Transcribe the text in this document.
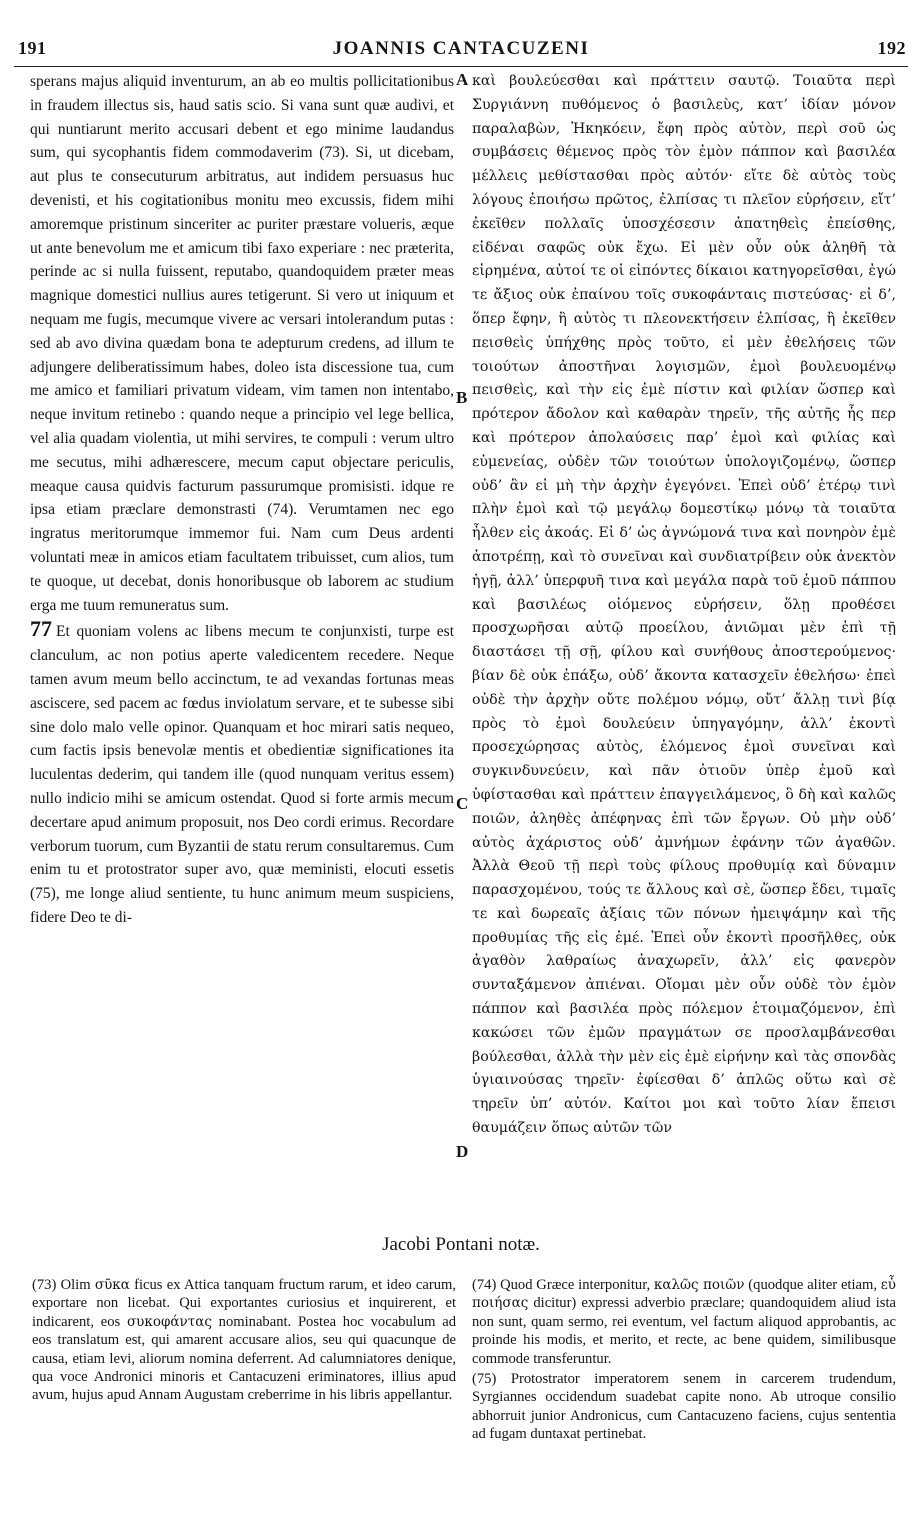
191	JOANNIS CANTACUZENI	192

sperans majus aliquid inventurum, an ab eo multis pollicitationibus in fraudem illectus sis, haud satis scio. Si vana sunt quæ audivi, et qui nuntiarunt merito accusari debent et ego minime laudandus sum, qui sycophantis fidem commodaverim (73). Si, ut dicebam, aut plus te consecuturum arbitratus, aut indidem persuasus huc devenisti, et his cogitationibus monitu meo excussis, fidem mihi amoremque pristinum sinceriter ac puriter præstare volueris, æque ut ante benevolum me et amicum tibi faxo experiare : nec præterita, perinde ac si nulla fuissent, reputabo, quandoquidem præter meas magnique domestici nullius aures tetigerunt. Si vero ut iniquum et nequam me fugis, mecumque vivere ac versari intolerandum putas : sed ab avo divina quædam bona te adepturum credens, ad illum te adjungere deliberatissimum habes, doleo ista discessione tua, cum me amico et familiari privatum videam, vim tamen non intentabo, neque invitum retinebo : quando neque a principio vel lege bellica, vel alia quadam violentia, ut mihi servires, te compuli : verum ultro me secutus, mihi adhærescere, mecum caput objectare periculis, meaque causa quidvis facturum passurumque promisisti. idque re ipsa etiam præclare demonstrasti (74). Verumtamen nec ego ingratus meritorumque immemor fui. Nam cum Deus ardenti voluntati meæ in amicos etiam facultatem tribuisset, cum alios, tum te quoque, ut decebat, donis honoribusque ob laborem ac studium erga me tuum remuneratus sum.

77 Et quoniam volens ac libens mecum te conjunxisti, turpe est clanculum, ac non potius aperte valedicentem recedere. Neque tamen avum meum bello accinctum, te ad vexandas fortunas meas asciscere, sed pacem ac fœdus inviolatum servare, et te subesse sibi sine dolo malo velle opinor. Quanquam et hoc mirari satis nequeo, cum factis ipsis benevolæ mentis et obedientiæ significationes ita luculentas dederim, qui tandem ille (quod nunquam veritus essem) nullo indicio mihi se amicum ostendat. Quod si forte armis mecum decertare apud animum proposuit, nos Deo cordi erimus. Recordare verborum tuorum, cum Byzantii de statu rerum consultaremus. Cum enim tu et protostrator super avo, quæ meministi, elocuti essetis (75), me longe aliud sentiente, tu hunc animum meum suspiciens, fidere Deo te di-

καὶ βουλεύεσθαι καὶ πράττειν σαυτῷ. Τοιαῦτα περὶ Συργιάννη πυθόμενος ὁ βασιλεὺς, κατ’ ἰδίαν μόνον παραλαβὼν, Ἠκηκόειν, ἔφη πρὸς αὐτὸν, περὶ σοῦ ὡς συμβάσεις θέμενος πρὸς τὸν ἐμὸν πάππον καὶ βασιλέα μέλλεις μεθίστασθαι πρὸς αὐτόν· εἴτε δὲ αὐτὸς τοὺς λόγους ἐποιήσω πρῶτος, ἐλπίσας τι πλεῖον εὑρήσειν, εἴτ’ ἐκεῖθεν πολλαῖς ὑποσχέσεσιν ἀπατηθεὶς ἐπείσθης, εἰδέναι σαφῶς οὐκ ἔχω. Εἰ μὲν οὖν οὐκ ἀληθῆ τὰ εἰρημένα, αὐτοί τε οἱ εἰπόντες δίκαιοι κατηγορεῖσθαι, ἐγώ τε ἄξιος οὐκ ἐπαίνου τοῖς συκοφάνταις πιστεύσας· εἰ δ’, ὅπερ ἔφην, ἢ αὐτὸς τι πλεονεκτήσειν ἐλπίσας, ἢ ἐκεῖθεν πεισθεὶς ὑπήχθης πρὸς τοῦτο, εἰ μὲν ἐθελήσεις τῶν τοιούτων ἀποστῆναι λογισμῶν, ἐμοὶ βουλευομένῳ πεισθεὶς, καὶ τὴν εἰς ἐμὲ πίστιν καὶ φιλίαν ὥσπερ καὶ πρότερον ἄδολον καὶ καθαρὰν τηρεῖν, τῆς αὐτῆς ἧς περ καὶ πρότερον ἀπολαύσεις παρ’ ἐμοὶ καὶ φιλίας καὶ εὐμενείας, οὐδὲν τῶν τοιούτων ὑπολογιζομένῳ, ὥσπερ οὐδ’ ἂν εἰ μὴ τὴν ἀρχὴν ἐγεγόνει. Ἐπεὶ οὐδ’ ἑτέρῳ τινὶ πλὴν ἐμοὶ καὶ τῷ μεγάλῳ δομεστίκῳ μόνῳ τὰ τοιαῦτα ἦλθεν εἰς ἀκοάς. Εἰ δ’ ὡς ἀγνώμονά τινα καὶ πονηρὸν ἐμὲ ἀποτρέπῃ, καὶ τὸ συνεῖναι καὶ συνδιατρίβειν οὐκ ἀνεκτὸν ἡγῇ, ἀλλ’ ὑπερφυῆ τινα καὶ μεγάλα παρὰ τοῦ ἐμοῦ πάππου καὶ βασιλέως οἰόμενος εὑρήσειν, ὅλῃ προθέσει προσχωρῆσαι αὐτῷ προείλου, ἀνιῶμαι μὲν ἐπὶ τῇ διαστάσει τῇ σῇ, φίλου καὶ συνήθους ἀποστερούμενος· βίαν δὲ οὐκ ἐπάξω, οὐδ’ ἄκοντα κατασχεῖν ἐθελήσω· ἐπεὶ οὐδὲ τὴν ἀρχὴν οὔτε πολέμου νόμῳ, οὔτ’ ἄλλῃ τινὶ βίᾳ πρὸς τὸ ἐμοὶ δουλεύειν ὑπηγαγόμην, ἀλλ’ ἑκοντὶ προσεχώρησας αὐτὸς, ἑλόμενος ἐμοὶ συνεῖναι καὶ συγκινδυνεύειν, καὶ πᾶν ὁτιοῦν ὑπὲρ ἐμοῦ καὶ ὑφίστασθαι καὶ πράττειν ἐπαγγειλάμενος, ὃ δὴ καὶ καλῶς ποιῶν, ἀληθὲς ἀπέφηνας ἐπὶ τῶν ἔργων. Οὐ μὴν οὐδ’ αὐτὸς ἀχάριστος οὐδ’ ἀμνήμων ἐφάνην τῶν ἀγαθῶν. Ἀλλὰ Θεοῦ τῇ περὶ τοὺς φίλους προθυμίᾳ καὶ δύναμιν παρασχομένου, τούς τε ἄλλους καὶ σὲ, ὥσπερ ἔδει, τιμαῖς τε καὶ δωρεαῖς ἀξίαις τῶν πόνων ἠμειψάμην καὶ τῆς προθυμίας τῆς εἰς ἐμέ. Ἐπεὶ οὖν ἑκοντὶ προσῆλθες, οὐκ ἀγαθὸν λαθραίως ἀναχωρεῖν, ἀλλ’ εἰς φανερὸν συνταξάμενον ἀπιέναι. Οἴομαι μὲν οὖν οὐδὲ τὸν ἐμὸν πάππον καὶ βασιλέα πρὸς πόλεμον ἑτοιμαζόμενον, ἐπὶ κακώσει τῶν ἐμῶν πραγμάτων σε προσλαμβάνεσθαι βούλεσθαι, ἀλλὰ τὴν μὲν εἰς ἐμὲ εἰρήνην καὶ τὰς σπονδὰς ὑγιαινούσας τηρεῖν· ἐφίεσθαι δ’ ἁπλῶς οὕτω καὶ σὲ τηρεῖν ὑπ’ αὐτόν. Καίτοι μοι καὶ τοῦτο λίαν ἔπεισι θαυμάζειν ὅπως αὐτῶν τῶν

A
B
C
D
Jacobi Pontani notæ.

(73) Olim σῦκα ficus ex Attica tanquam fructum rarum, et ideo carum, exportare non licebat. Qui exportantes curiosius et inquirerent, et indicarent, eos συκοφάντας nominabant. Postea hoc vocabulum ad eos translatum est, qui amarent accusare alios, seu qui quacunque de causa, etiam levi, aliorum nomina deferrent. Ad calumniatores denique, qua voce Andronici minoris et Cantacuzeni eriminatores, illius apud avum, hujus apud Annam Augustam creberrime in his libris appellantur.

(74) Quod Græce interponitur, καλῶς ποιῶν (quodque aliter etiam, εὖ ποιήσας dicitur) expressi adverbio præclare; quandoquidem aliud ista non sunt, quam sermo, rei eventum, vel factum aliquod approbantis, ac proinde his modis, et merito, et recte, ac bene quidem, similibusque commode transferuntur.

(75) Protostrator imperatorem senem in carcerem trudendum, Syrgiannes occidendum suadebat capite nono. Ab utroque consilio abhorruit junior Andronicus, cum Cantacuzeno faciens, cujus sententia ad fugam duntaxat pertinebat.
